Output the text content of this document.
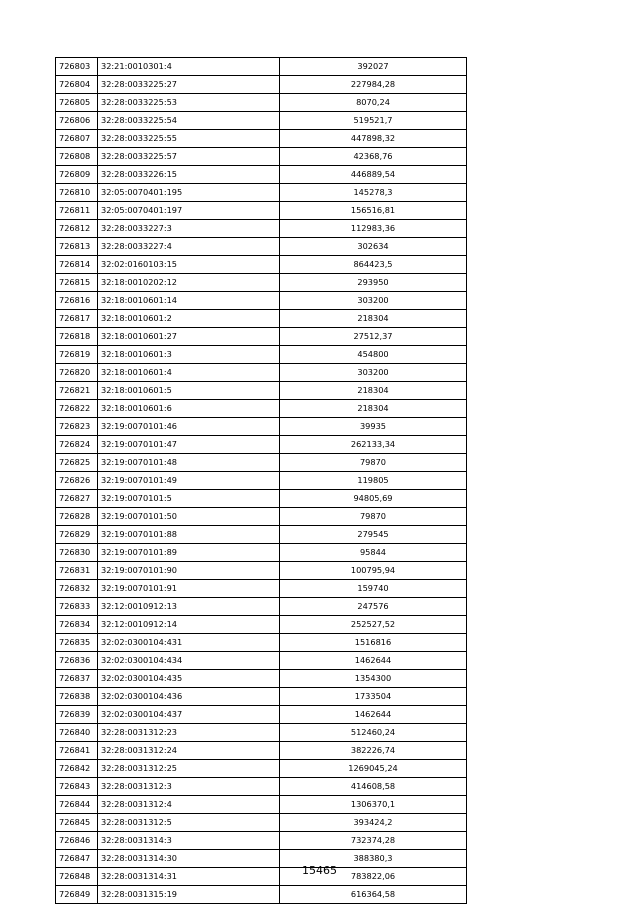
726803	32:21:0010301:4	392027
726804	32:28:0033225:27	227984,28
726805	32:28:0033225:53	8070,24
726806	32:28:0033225:54	519521,7
726807	32:28:0033225:55	447898,32
726808	32:28:0033225:57	42368,76
726809	32:28:0033226:15	446889,54
726810	32:05:0070401:195	145278,3
726811	32:05:0070401:197	156516,81
726812	32:28:0033227:3	112983,36
726813	32:28:0033227:4	302634
726814	32:02:0160103:15	864423,5
726815	32:18:0010202:12	293950
726816	32:18:0010601:14	303200
726817	32:18:0010601:2	218304
726818	32:18:0010601:27	27512,37
726819	32:18:0010601:3	454800
726820	32:18:0010601:4	303200
726821	32:18:0010601:5	218304
726822	32:18:0010601:6	218304
726823	32:19:0070101:46	39935
726824	32:19:0070101:47	262133,34
726825	32:19:0070101:48	79870
726826	32:19:0070101:49	119805
726827	32:19:0070101:5	94805,69
726828	32:19:0070101:50	79870
726829	32:19:0070101:88	279545
726830	32:19:0070101:89	95844
726831	32:19:0070101:90	100795,94
726832	32:19:0070101:91	159740
726833	32:12:0010912:13	247576
726834	32:12:0010912:14	252527,52
726835	32:02:0300104:431	1516816
726836	32:02:0300104:434	1462644
726837	32:02:0300104:435	1354300
726838	32:02:0300104:436	1733504
726839	32:02:0300104:437	1462644
726840	32:28:0031312:23	512460,24
726841	32:28:0031312:24	382226,74
726842	32:28:0031312:25	1269045,24
726843	32:28:0031312:3	414608,58
726844	32:28:0031312:4	1306370,1
726845	32:28:0031312:5	393424,2
726846	32:28:0031314:3	732374,28
726847	32:28:0031314:30	388380,3
726848	32:28:0031314:31	783822,06
726849	32:28:0031315:19	616364,58
15465
